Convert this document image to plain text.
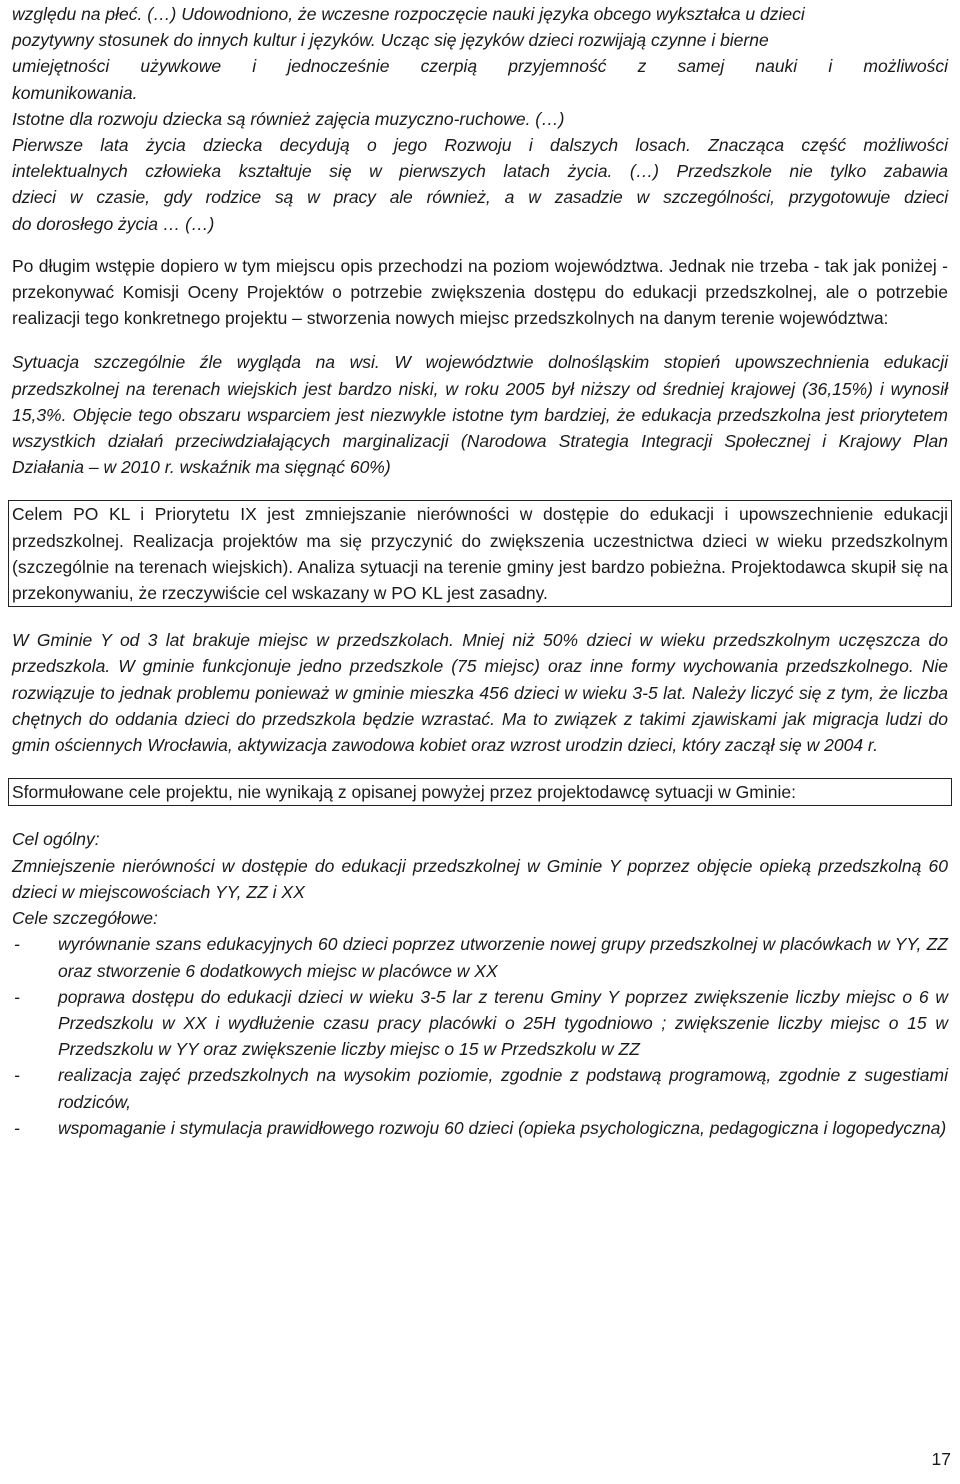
względu na płeć. (…) Udowodniono, że wczesne rozpoczęcie nauki języka obcego wykształca u dzieci

pozytywny stosunek do innych kultur i języków. Ucząc się języków dzieci rozwijają czynne i bierne

umiejętności używkowe i jednocześnie czerpią przyjemność z samej nauki i możliwości

komunikowania.

Istotne dla rozwoju dziecka są również zajęcia muzyczno-ruchowe. (…)

Pierwsze lata życia dziecka decydują o jego Rozwoju i dalszych losach. Znacząca część możliwości

intelektualnych człowieka kształtuje się w pierwszych latach życia. (…) Przedszkole nie tylko zabawia

dzieci w czasie, gdy rodzice są w pracy ale również, a w zasadzie w szczególności, przygotowuje dzieci

do dorosłego życia … (…)

Po długim wstępie dopiero w tym miejscu opis przechodzi na poziom województwa. Jednak nie trzeba - tak jak poniżej - przekonywać Komisji Oceny Projektów o potrzebie zwiększenia dostępu do edukacji przedszkolnej, ale o potrzebie realizacji tego konkretnego projektu – stworzenia nowych miejsc przedszkolnych na danym terenie województwa:

Sytuacja szczególnie źle wygląda na wsi. W województwie dolnośląskim stopień upowszechnienia edukacji przedszkolnej na terenach wiejskich jest bardzo niski, w roku 2005 był niższy od średniej krajowej (36,15%) i wynosił 15,3%. Objęcie tego obszaru wsparciem jest niezwykle istotne tym bardziej, że edukacja przedszkolna jest priorytetem wszystkich działań przeciwdziałających marginalizacji (Narodowa Strategia Integracji Społecznej i Krajowy Plan Działania – w 2010 r. wskaźnik ma sięgnąć 60%)

Celem PO KL i Priorytetu IX jest zmniejszanie nierówności w dostępie do edukacji i upowszechnienie edukacji przedszkolnej. Realizacja projektów ma się przyczynić do zwiększenia uczestnictwa dzieci w wieku przedszkolnym (szczególnie na terenach wiejskich). Analiza sytuacji na terenie gminy jest bardzo pobieżna. Projektodawca skupił się na przekonywaniu, że rzeczywiście cel wskazany w PO KL jest zasadny.

W Gminie Y od 3 lat brakuje miejsc w przedszkolach. Mniej niż 50% dzieci w wieku przedszkolnym uczęszcza do przedszkola. W gminie funkcjonuje jedno przedszkole (75 miejsc) oraz inne formy wychowania przedszkolnego. Nie rozwiązuje to jednak problemu ponieważ w gminie mieszka 456 dzieci w wieku 3-5 lat. Należy liczyć się z tym, że liczba chętnych do oddania dzieci do przedszkola będzie wzrastać. Ma to związek z takimi zjawiskami jak migracja ludzi do gmin ościennych Wrocławia, aktywizacja zawodowa kobiet oraz wzrost urodzin dzieci, który zaczął się w 2004 r.

Sformułowane cele projektu, nie wynikają z opisanej powyżej przez projektodawcę sytuacji w Gminie:

Cel ogólny:

Zmniejszenie nierówności w dostępie do edukacji przedszkolnej w Gminie Y poprzez objęcie opieką przedszkolną 60 dzieci w miejscowościach YY, ZZ i XX

Cele szczegółowe:

- wyrównanie szans edukacyjnych 60 dzieci poprzez utworzenie nowej grupy przedszkolnej w placówkach w YY, ZZ oraz stworzenie 6 dodatkowych miejsc w placówce w XX
- poprawa dostępu do edukacji dzieci w wieku 3-5 lar z terenu Gminy Y poprzez zwiększenie liczby miejsc o 6 w Przedszkolu w XX i wydłużenie czasu pracy placówki o 25H tygodniowo ; zwiększenie liczby miejsc o 15 w Przedszkolu w YY oraz zwiększenie liczby miejsc o 15 w Przedszkolu w ZZ
- realizacja zajęć przedszkolnych na wysokim poziomie, zgodnie z podstawą programową, zgodnie z sugestiami rodziców,
- wspomaganie i stymulacja prawidłowego rozwoju 60 dzieci (opieka psychologiczna, pedagogiczna i logopedyczna)
17
